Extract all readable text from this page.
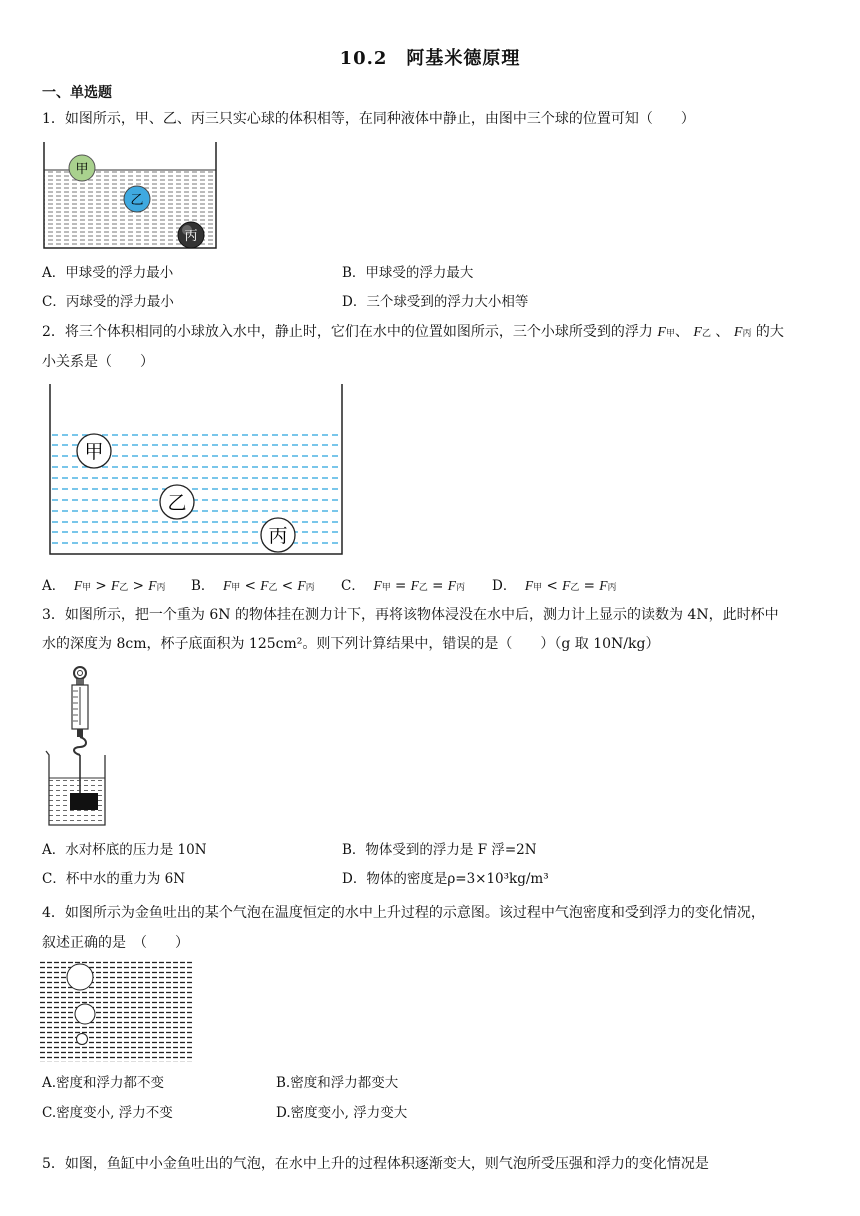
10.2　阿基米德原理
一、单选题
1．如图所示，甲、乙、丙三只实心球的体积相等，在同种液体中静止，由图中三个球的位置可知（　　）
甲
乙
丙
A．甲球受的浮力最小	B．甲球受的浮力最大
C．丙球受的浮力最小	D．三个球受到的浮力大小相等
2．将三个体积相同的小球放入水中，静止时，它们在水中的位置如图所示，三个小球所受到的浮力 F甲、 F乙 、 F丙 的大
小关系是（　　）
甲
乙
丙
A． F甲 > F乙 > F丙 B． F甲 < F乙 < F丙 C． F甲 = F乙 = F丙 D． F甲 < F乙 = F丙
3．如图所示，把一个重为 6N 的物体挂在测力计下，再将该物体浸没在水中后，测力计上显示的读数为 4N，此时杯中
水的深度为 8cm，杯子底面积为 125cm²。则下列计算结果中，错误的是（　　）（g 取 10N/kg）
A．水对杯底的压力是 10N	B．物体受到的浮力是 F 浮=2N
C．杯中水的重力为 6N	D．物体的密度是ρ=3×10³kg/m³
4．如图所示为金鱼吐出的某个气泡在温度恒定的水中上升过程的示意图。该过程中气泡密度和受到浮力的变化情况，
叙述正确的是　（　　）
A.密度和浮力都不变	B.密度和浮力都变大
C.密度变小, 浮力不变	D.密度变小, 浮力变大
5．如图，鱼缸中小金鱼吐出的气泡，在水中上升的过程体积逐渐变大，则气泡所受压强和浮力的变化情况是
